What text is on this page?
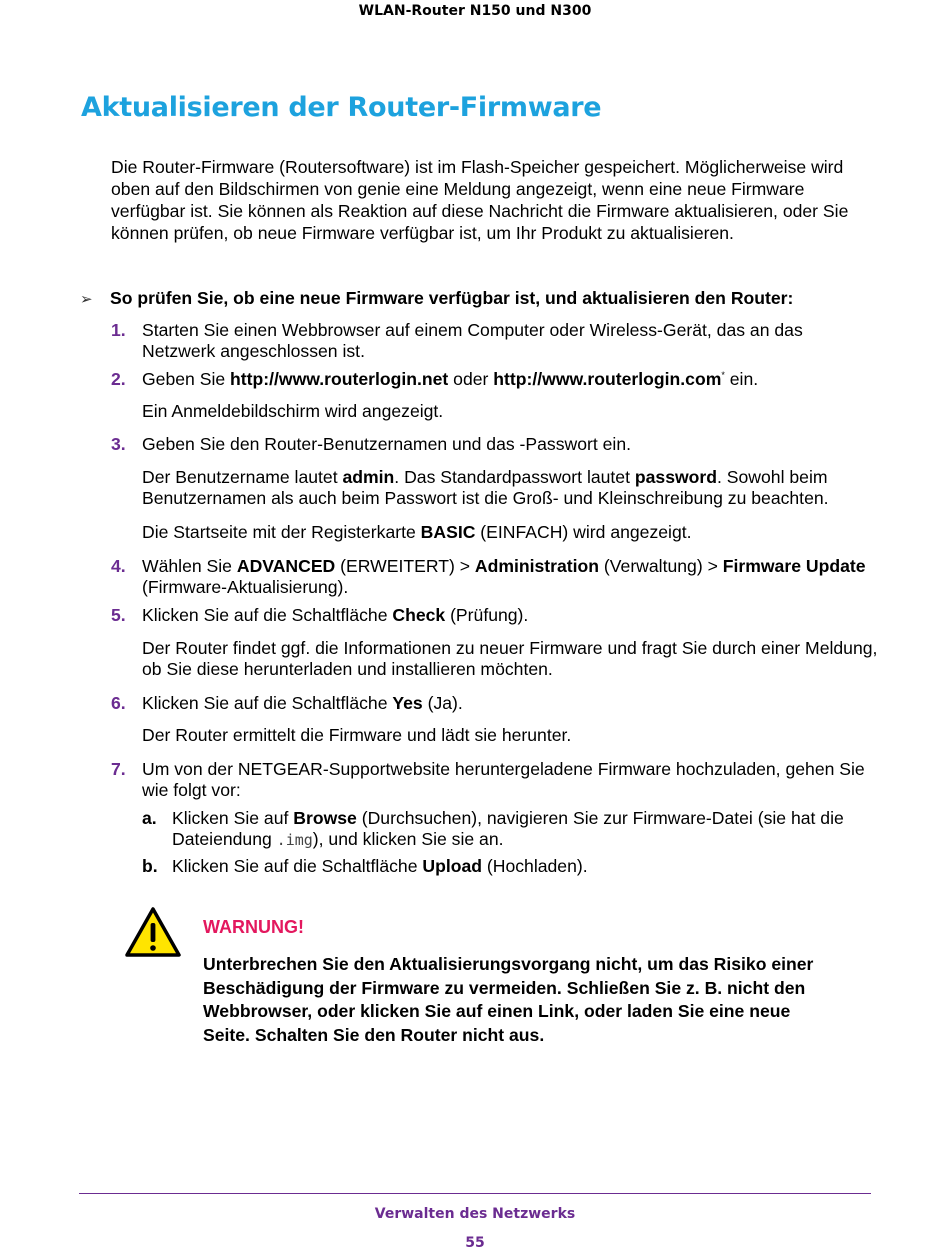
WLAN-Router N150 und N300
Aktualisieren der Router-Firmware

Die Router-Firmware (Routersoftware) ist im Flash-Speicher gespeichert. Möglicherweise wird oben auf den Bildschirmen von genie eine Meldung angezeigt, wenn eine neue Firmware verfügbar ist. Sie können als Reaktion auf diese Nachricht die Firmware aktualisieren, oder Sie können prüfen, ob neue Firmware verfügbar ist, um Ihr Produkt zu aktualisieren.

➢ So prüfen Sie, ob eine neue Firmware verfügbar ist, und aktualisieren den Router:
1. Starten Sie einen Webbrowser auf einem Computer oder Wireless-Gerät, das an das Netzwerk angeschlossen ist.
2. Geben Sie http://www.routerlogin.net oder http://www.routerlogin.com* ein.
Ein Anmeldebildschirm wird angezeigt.
3. Geben Sie den Router-Benutzernamen und das -Passwort ein.
Der Benutzername lautet admin. Das Standardpasswort lautet password. Sowohl beim Benutzernamen als auch beim Passwort ist die Groß- und Kleinschreibung zu beachten.
Die Startseite mit der Registerkarte BASIC (EINFACH) wird angezeigt.
4. Wählen Sie ADVANCED (ERWEITERT) > Administration (Verwaltung) > Firmware Update (Firmware-Aktualisierung).
5. Klicken Sie auf die Schaltfläche Check (Prüfung).
Der Router findet ggf. die Informationen zu neuer Firmware und fragt Sie durch einer Meldung, ob Sie diese herunterladen und installieren möchten.
6. Klicken Sie auf die Schaltfläche Yes (Ja).
Der Router ermittelt die Firmware und lädt sie herunter.
7. Um von der NETGEAR-Supportwebsite heruntergeladene Firmware hochzuladen, gehen Sie wie folgt vor:
a. Klicken Sie auf Browse (Durchsuchen), navigieren Sie zur Firmware-Datei (sie hat die Dateiendung .img), und klicken Sie sie an.
b. Klicken Sie auf die Schaltfläche Upload (Hochladen).
WARNUNG!
Unterbrechen Sie den Aktualisierungsvorgang nicht, um das Risiko einer Beschädigung der Firmware zu vermeiden. Schließen Sie z. B. nicht den Webbrowser, oder klicken Sie auf einen Link, oder laden Sie eine neue Seite. Schalten Sie den Router nicht aus.
Verwalten des Netzwerks
55
